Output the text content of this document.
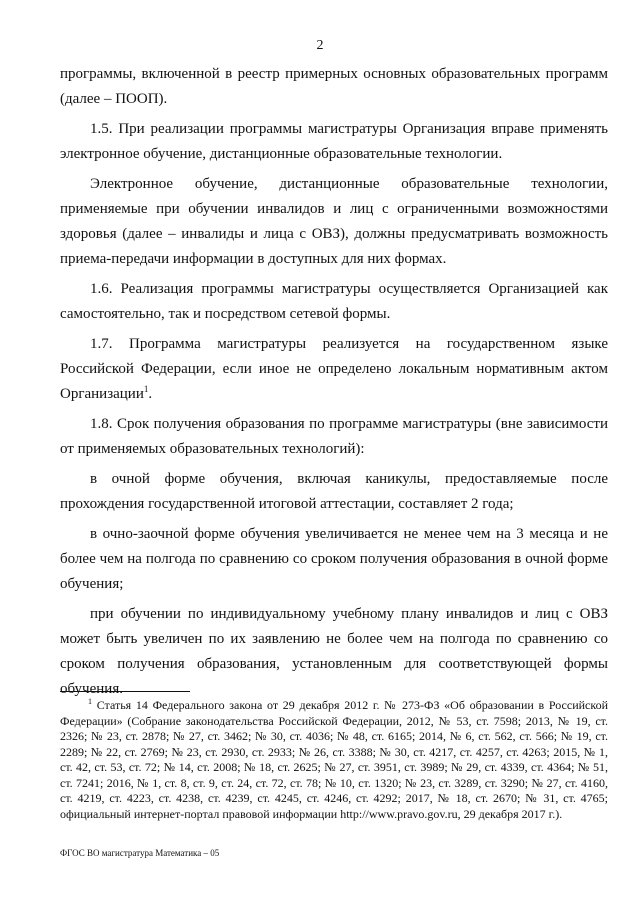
2

программы, включенной в реестр примерных основных образовательных программ (далее – ПООП).

1.5. При реализации программы магистратуры Организация вправе применять электронное обучение, дистанционные образовательные технологии.

Электронное обучение, дистанционные образовательные технологии, применяемые при обучении инвалидов и лиц с ограниченными возможностями здоровья (далее – инвалиды и лица с ОВЗ), должны предусматривать возможность приема-передачи информации в доступных для них формах.

1.6. Реализация программы магистратуры осуществляется Организацией как самостоятельно, так и посредством сетевой формы.

1.7. Программа магистратуры реализуется на государственном языке Российской Федерации, если иное не определено локальным нормативным актом Организации$^1$.

1.8. Срок получения образования по программе магистратуры (вне зависимости от применяемых образовательных технологий):

в очной форме обучения, включая каникулы, предоставляемые после прохождения государственной итоговой аттестации, составляет 2 года;

в очно-заочной форме обучения увеличивается не менее чем на 3 месяца и не более чем на полгода по сравнению со сроком получения образования в очной форме обучения;

при обучении по индивидуальному учебному плану инвалидов и лиц с ОВЗ может быть увеличен по их заявлению не более чем на полгода по сравнению со сроком получения образования, установленным для соответствующей формы обучения.

$^1$ Статья 14 Федерального закона от 29 декабря 2012 г. № 273-ФЗ «Об образовании в Российской Федерации» (Собрание законодательства Российской Федерации, 2012, № 53, ст. 7598; 2013, № 19, ст. 2326; № 23, ст. 2878; № 27, ст. 3462; № 30, ст. 4036; № 48, ст. 6165; 2014, № 6, ст. 562, ст. 566; № 19, ст. 2289; № 22, ст. 2769; № 23, ст. 2930, ст. 2933; № 26, ст. 3388; № 30, ст. 4217, ст. 4257, ст. 4263; 2015, № 1, ст. 42, ст. 53, ст. 72; № 14, ст. 2008; № 18, ст. 2625; № 27, ст. 3951, ст. 3989; № 29, ст. 4339, ст. 4364; № 51, ст. 7241; 2016, № 1, ст. 8, ст. 9, ст. 24, ст. 72, ст. 78; № 10, ст. 1320; № 23, ст. 3289, ст. 3290; № 27, ст. 4160, ст. 4219, ст. 4223, ст. 4238, ст. 4239, ст. 4245, ст. 4246, ст. 4292; 2017, № 18, ст. 2670; № 31, ст. 4765; официальный интернет-портал правовой информации http://www.pravo.gov.ru, 29 декабря 2017 г.).
ФГОС ВО магистратура Математика – 05
